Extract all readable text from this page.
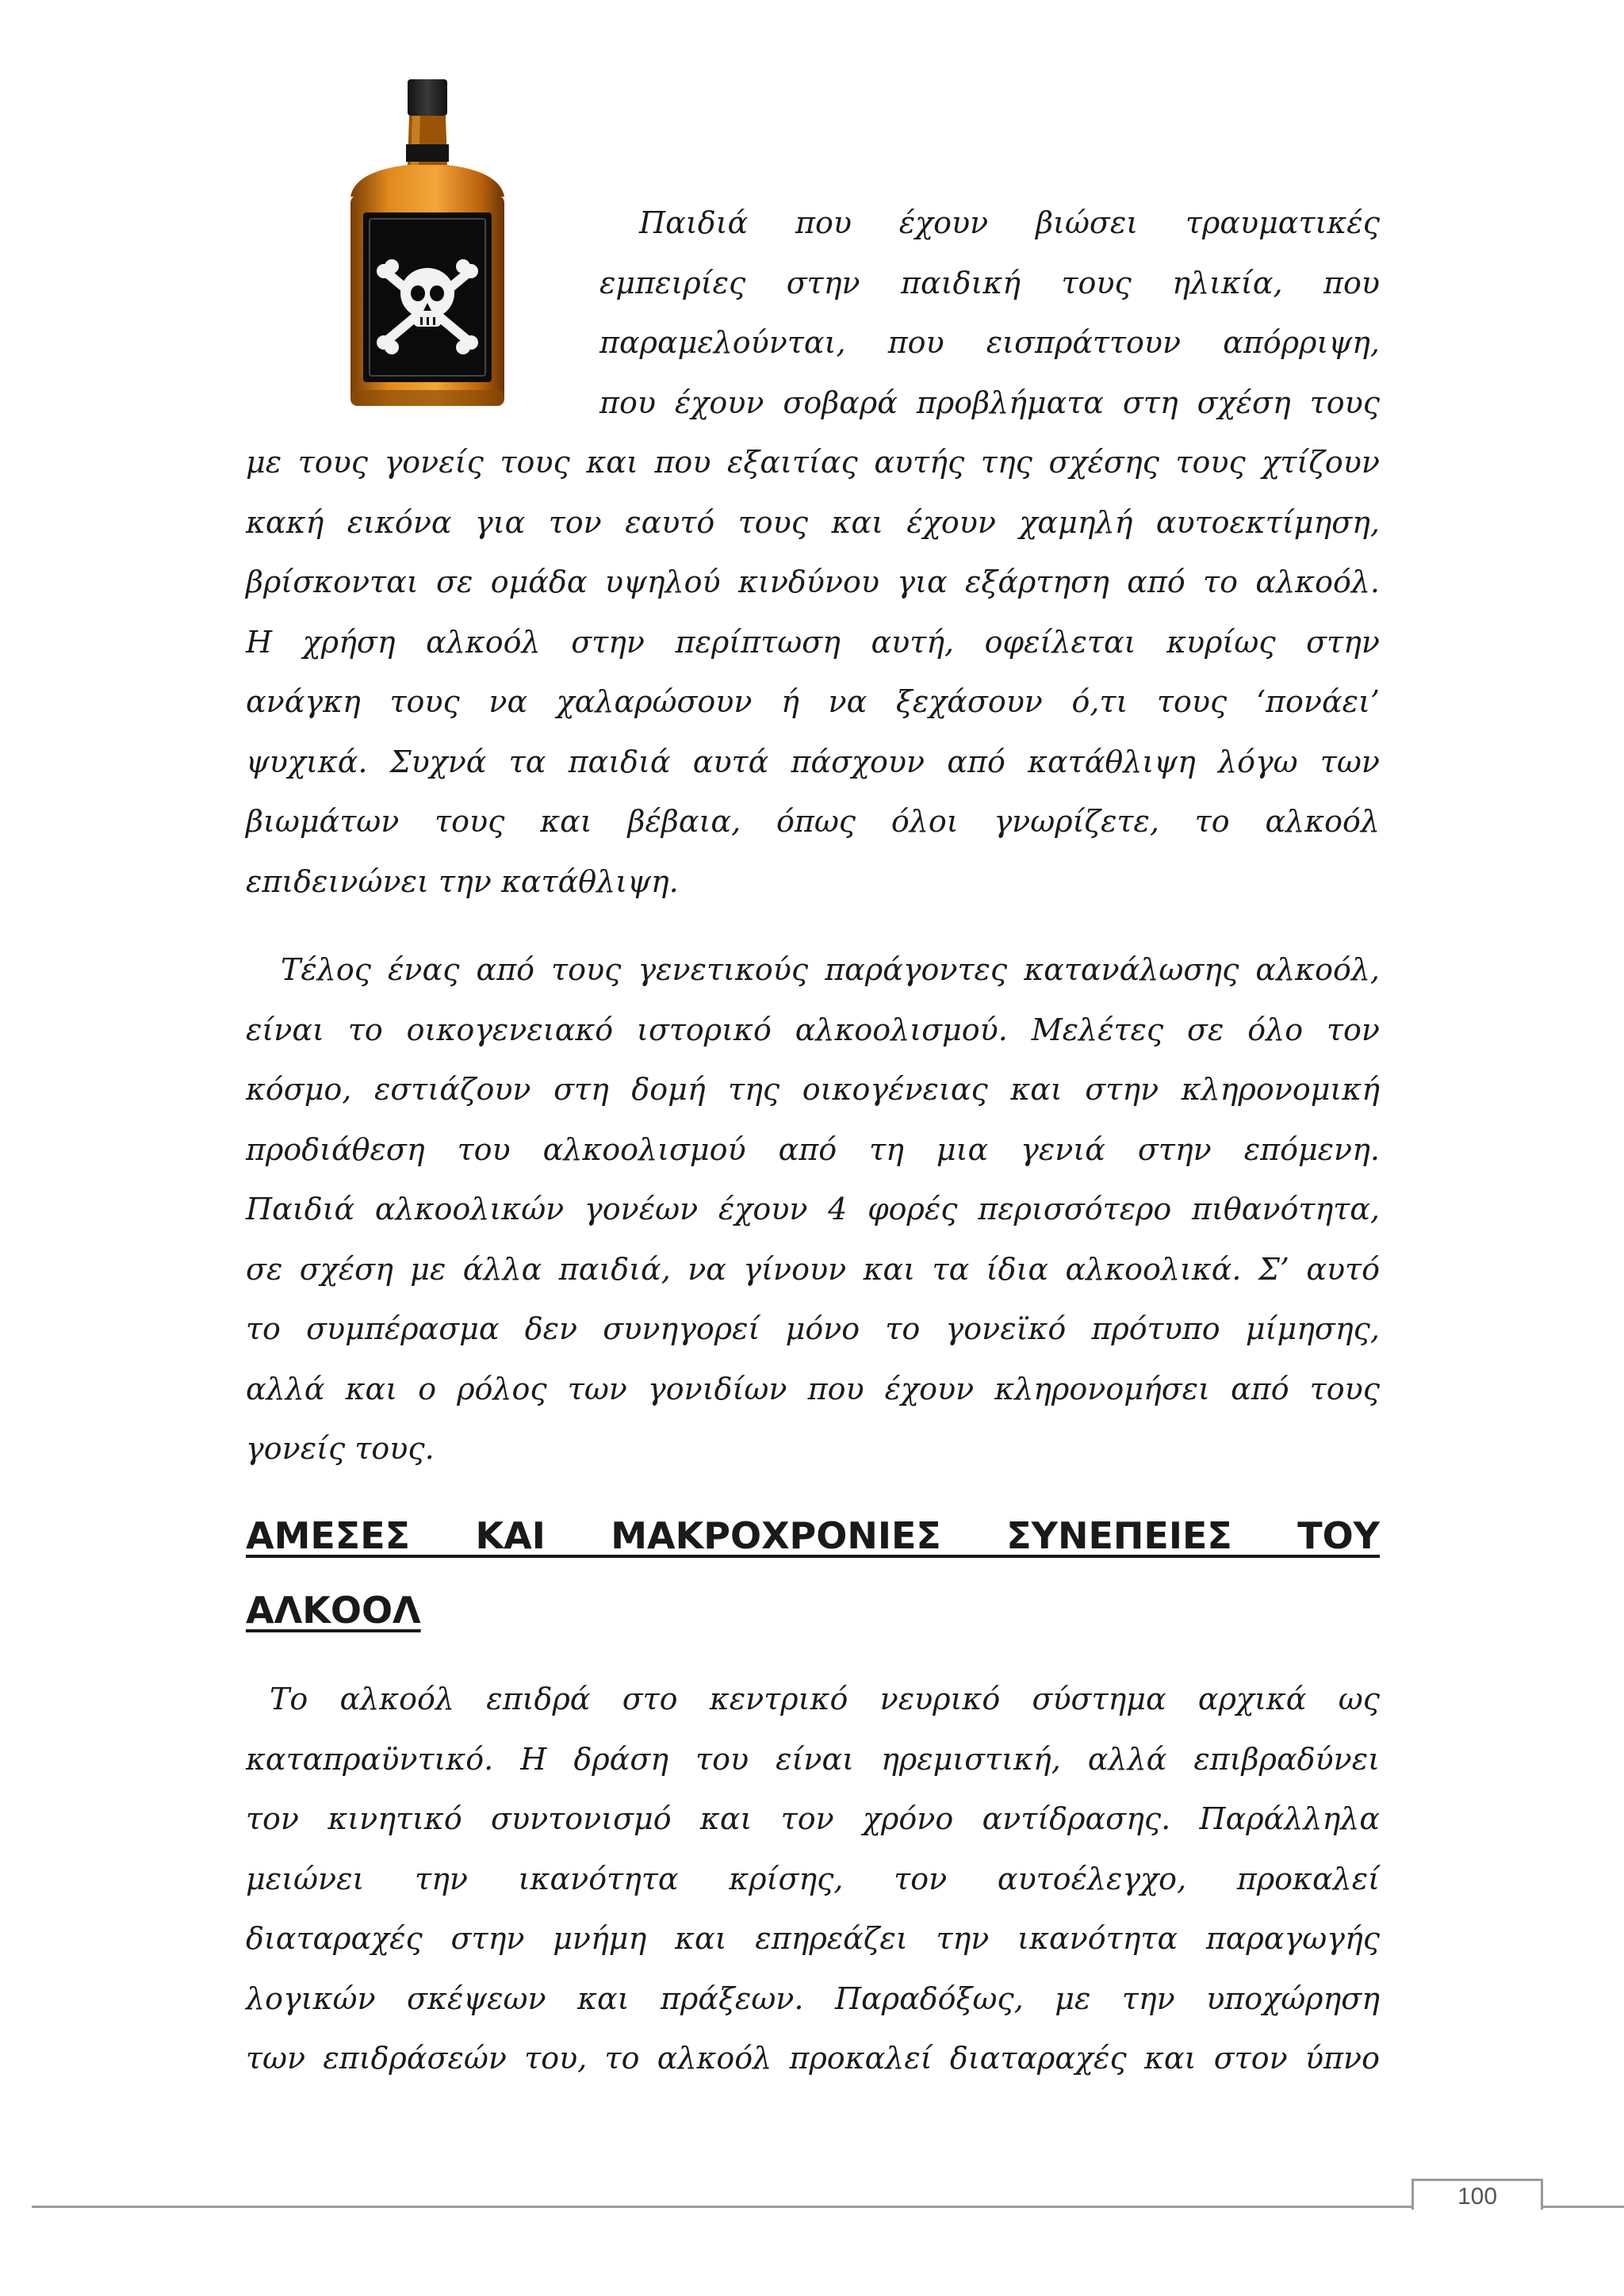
Παιδιά που έχουν βιώσει τραυματικές
εμπειρίες στην παιδική τους ηλικία, που
παραμελούνται, που εισπράττουν απόρριψη,
που έχουν σοβαρά προβλήματα στη σχέση τους
με τους γονείς τους και που εξαιτίας αυτής της σχέσης τους χτίζουν
κακή εικόνα για τον εαυτό τους και έχουν χαμηλή αυτοεκτίμηση,
βρίσκονται σε ομάδα υψηλού κινδύνου για εξάρτηση από το αλκοόλ.
Η χρήση αλκοόλ στην περίπτωση αυτή, οφείλεται κυρίως στην
ανάγκη τους να χαλαρώσουν ή να ξεχάσουν ό,τι τους ‘πονάει’
ψυχικά. Συχνά τα παιδιά αυτά πάσχουν από κατάθλιψη λόγω των
βιωμάτων τους και βέβαια, όπως όλοι γνωρίζετε, το αλκοόλ
επιδεινώνει την κατάθλιψη.
Τέλος ένας από τους γενετικούς παράγοντες κατανάλωσης αλκοόλ,
είναι το οικογενειακό ιστορικό αλκοολισμού. Μελέτες σε όλο τον
κόσμο, εστιάζουν στη δομή της οικογένειας και στην κληρονομική
προδιάθεση του αλκοολισμού από τη μια γενιά στην επόμενη.
Παιδιά αλκοολικών γονέων έχουν 4 φορές περισσότερο πιθανότητα,
σε σχέση με άλλα παιδιά, να γίνουν και τα ίδια αλκοολικά. Σ’ αυτό
το συμπέρασμα δεν συνηγορεί μόνο το γονεϊκό πρότυπο μίμησης,
αλλά και ο ρόλος των γονιδίων που έχουν κληρονομήσει από τους
γονείς τους.
ΑΜΕΣΕΣ ΚΑΙ ΜΑΚΡΟΧΡΟΝΙΕΣ ΣΥΝΕΠΕΙΕΣ ΤΟΥ
ΑΛΚΟΟΛ
Το αλκοόλ επιδρά στο κεντρικό νευρικό σύστημα αρχικά ως
καταπραϋντικό. Η δράση του είναι ηρεμιστική, αλλά επιβραδύνει
τον κινητικό συντονισμό και τον χρόνο αντίδρασης. Παράλληλα
μειώνει την ικανότητα κρίσης, τον αυτοέλεγχο, προκαλεί
διαταραχές στην μνήμη και επηρεάζει την ικανότητα παραγωγής
λογικών σκέψεων και πράξεων. Παραδόξως, με την υποχώρηση
των επιδράσεών του, το αλκοόλ προκαλεί διαταραχές και στον ύπνο
100
